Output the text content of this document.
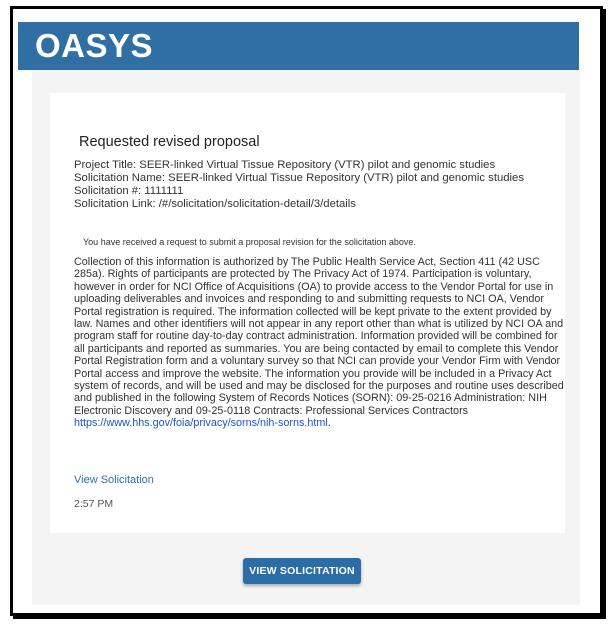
OASYS
Requested revised proposal
Project Title: SEER-linked Virtual Tissue Repository (VTR) pilot and genomic studies
Solicitation Name: SEER-linked Virtual Tissue Repository (VTR) pilot and genomic studies
Solicitation #: 1111111
Solicitation Link: /#/solicitation/solicitation-detail/3/details
You have received a request to submit a proposal revision for the solicitation above.
Collection of this information is authorized by The Public Health Service Act, Section 411 (42 USC 285a). Rights of participants are protected by The Privacy Act of 1974. Participation is voluntary, however in order for NCI Office of Acquisitions (OA) to provide access to the Vendor Portal for use in uploading deliverables and invoices and responding to and submitting requests to NCI OA, Vendor Portal registration is required. The information collected will be kept private to the extent provided by law. Names and other identifiers will not appear in any report other than what is utilized by NCI OA and program staff for routine day-to-day contract administration. Information provided will be combined for all participants and reported as summaries. You are being contacted by email to complete this Vendor Portal Registration form and a voluntary survey so that NCI can provide your Vendor Firm with Vendor Portal access and improve the website. The information you provide will be included in a Privacy Act system of records, and will be used and may be disclosed for the purposes and routine uses described and published in the following System of Records Notices (SORN): 09-25-0216 Administration: NIH Electronic Discovery and 09-25-0118 Contracts: Professional Services Contractors https://www.hhs.gov/foia/privacy/sorns/nih-sorns.html.
View Solicitation
2:57 PM
VIEW SOLICITATION
